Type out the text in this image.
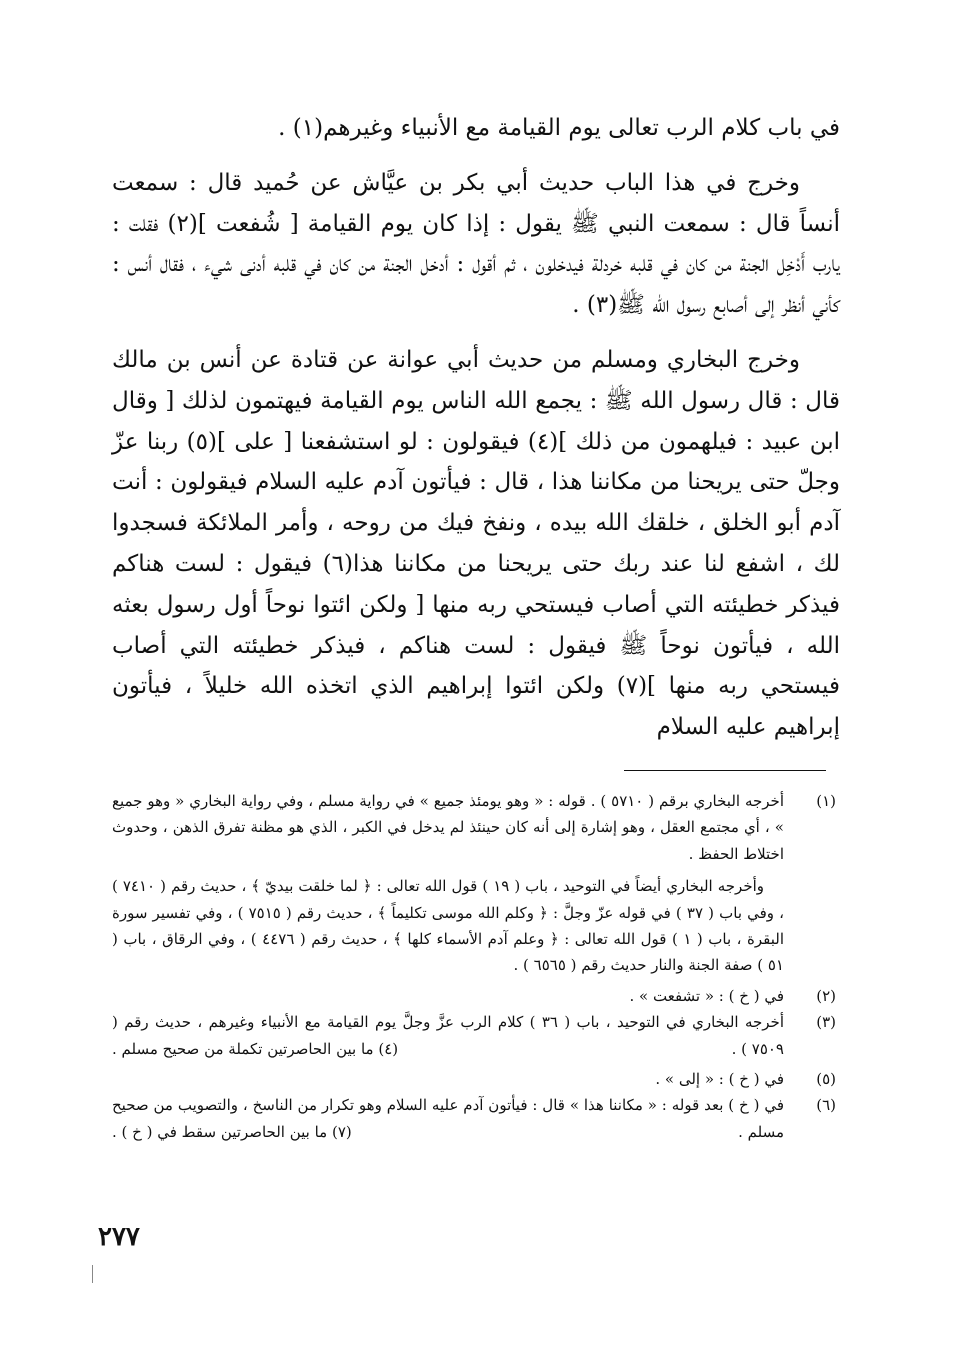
في باب كلام الرب تعالى يوم القيامة مع الأنبياء وغيرهم(١) .

وخرج في هذا الباب حديث أبي بكر بن عيَّاش عن حُميد قال : سمعت أنساً قال : سمعت النبي ﷺ يقول : إذا كان يوم القيامة [ شُفعت ](٢) فقلت : يارب أَدْخِل الجنة من كان في قلبه خردلة فيدخلون ، ثم أقول : أدخل الجنة من كان في قلبه أدنى شيء ، فقال أنس : كأني أنظر إلى أصابع رسول الله ﷺ(٣) .

وخرج البخاري ومسلم من حديث أبي عوانة عن قتادة عن أنس بن مالك قال : قال رسول الله ﷺ : يجمع الله الناس يوم القيامة فيهتمون لذلك [ وقال ابن عبيد : فيلهمون من ذلك ](٤) فيقولون : لو استشفعنا [ على ](٥) ربنا عزّ وجلّ حتى يريحنا من مكاننا هذا ، قال : فيأتون آدم عليه السلام فيقولون : أنت آدم أبو الخلق ، خلقك الله بيده ، ونفخ فيك من روحه ، وأمر الملائكة فسجدوا لك ، اشفع لنا عند ربك حتى يريحنا من مكاننا هذا(٦) فيقول : لست هناكم فيذكر خطيئته التي أصاب فيستحي ربه منها [ ولكن ائتوا نوحاً أول رسول بعثه الله ، فيأتون نوحاً ﷺ فيقول : لست هناكم ، فيذكر خطيئته التي أصاب فيستحي ربه منها ](٧) ولكن ائتوا إبراهيم الذي اتخذه الله خليلاً ، فيأتون إبراهيم عليه السلام

(١)
أخرجه البخاري برقم ( ٥٧١٠ ) . قوله : « وهو يومئذ جميع » في رواية مسلم ، وفي رواية البخاري « وهو جميع » ، أي مجتمع العقل ، وهو إشارة إلى أنه كان حينئذ لم يدخل في الكبر ، الذي هو مظنة تفرق الذهن ، وحدوث اختلاط الحفظ .
وأخرجه البخاري أيضاً في التوحيد ، باب ( ١٩ ) قول الله تعالى : ﴿ لما خلقت بيديّ ﴾ ، حديث رقم ( ٧٤١٠ ) ، وفي باب ( ٣٧ ) في قوله عزّ وجلَّ : ﴿ وكلم الله موسى تكليماً ﴾ ، حديث رقم ( ٧٥١٥ ) ، وفي تفسير سورة البقرة ، باب ( ١ ) قول الله تعالى : ﴿ وعلم آدم الأسماء كلها ﴾ ، حديث رقم ( ٤٤٧٦ ) ، وفي الرقاق ، باب ( ٥١ ) صفة الجنة والنار حديث رقم ( ٦٥٦٥ ) .
(٢)
في ( خ ) : « تشفعت » .
(٣)
أخرجه البخاري في التوحيد ، باب ( ٣٦ ) كلام الرب عزَّ وجلَّ يوم القيامة مع الأنبياء وغيرهم ، حديث رقم ( ٧٥٠٩ ) .
(٤) ما بين الحاصرتين تكملة من صحيح مسلم .
(٥)
في ( خ ) : « إلى » .
(٦)
في ( خ ) بعد قوله : « مكاننا هذا » قال : فيأتون آدم عليه السلام وهو تكرار من الناسخ ، والتصويب من صحيح مسلم .
(٧) ما بين الحاصرتين سقط في ( خ ) .
٢٧٧
